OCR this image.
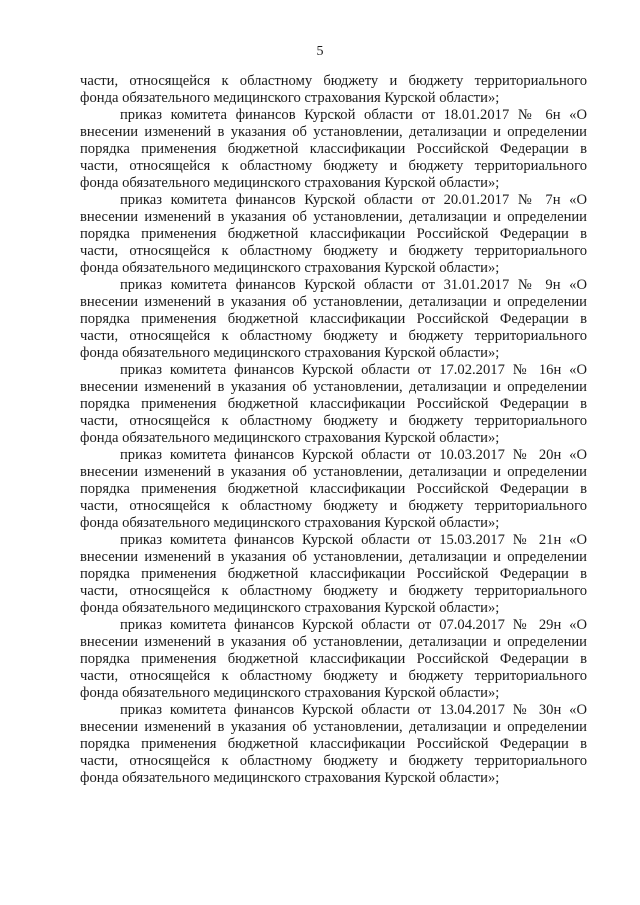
5

части, относящейся к областному бюджету и бюджету территориального
фонда обязательного медицинского страхования Курской области»;

приказ комитета финансов Курской области от 18.01.2017 № 6н «О
внесении изменений в указания об установлении, детализации и определении
порядка применения бюджетной классификации Российской Федерации в
части, относящейся к областному бюджету и бюджету территориального
фонда обязательного медицинского страхования Курской области»;

приказ комитета финансов Курской области от 20.01.2017 № 7н «О
внесении изменений в указания об установлении, детализации и определении
порядка применения бюджетной классификации Российской Федерации в
части, относящейся к областному бюджету и бюджету территориального
фонда обязательного медицинского страхования Курской области»;

приказ комитета финансов Курской области от 31.01.2017 № 9н «О
внесении изменений в указания об установлении, детализации и определении
порядка применения бюджетной классификации Российской Федерации в
части, относящейся к областному бюджету и бюджету территориального
фонда обязательного медицинского страхования Курской области»;

приказ комитета финансов Курской области от 17.02.2017 № 16н «О
внесении изменений в указания об установлении, детализации и определении
порядка применения бюджетной классификации Российской Федерации в
части, относящейся к областному бюджету и бюджету территориального
фонда обязательного медицинского страхования Курской области»;

приказ комитета финансов Курской области от 10.03.2017 № 20н «О
внесении изменений в указания об установлении, детализации и определении
порядка применения бюджетной классификации Российской Федерации в
части, относящейся к областному бюджету и бюджету территориального
фонда обязательного медицинского страхования Курской области»;

приказ комитета финансов Курской области от 15.03.2017 № 21н «О
внесении изменений в указания об установлении, детализации и определении
порядка применения бюджетной классификации Российской Федерации в
части, относящейся к областному бюджету и бюджету территориального
фонда обязательного медицинского страхования Курской области»;

приказ комитета финансов Курской области от 07.04.2017 № 29н «О
внесении изменений в указания об установлении, детализации и определении
порядка применения бюджетной классификации Российской Федерации в
части, относящейся к областному бюджету и бюджету территориального
фонда обязательного медицинского страхования Курской области»;

приказ комитета финансов Курской области от 13.04.2017 № 30н «О
внесении изменений в указания об установлении, детализации и определении
порядка применения бюджетной классификации Российской Федерации в
части, относящейся к областному бюджету и бюджету территориального
фонда обязательного медицинского страхования Курской области»;
